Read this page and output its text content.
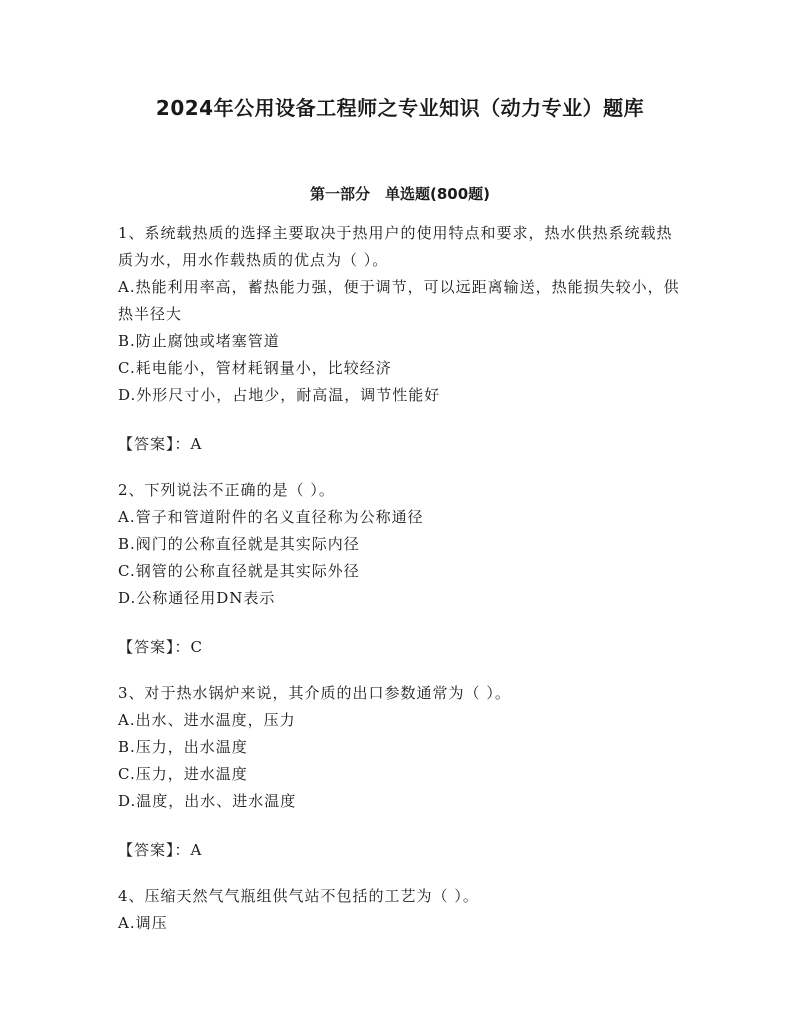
2024年公用设备工程师之专业知识（动力专业）题库
第一部分　单选题(800题)

1、系统载热质的选择主要取决于热用户的使用特点和要求，热水供热系统载热质为水，用水作载热质的优点为（ ）。

A.热能利用率高，蓄热能力强，便于调节，可以远距离输送，热能损失较小，供热半径大

B.防止腐蚀或堵塞管道

C.耗电能小，管材耗钢量小，比较经济

D.外形尺寸小，占地少，耐高温，调节性能好

【答案】：A

2、下列说法不正确的是（ ）。

A.管子和管道附件的名义直径称为公称通径

B.阀门的公称直径就是其实际内径

C.钢管的公称直径就是其实际外径

D.公称通径用DN表示

【答案】：C

3、对于热水锅炉来说，其介质的出口参数通常为（ ）。

A.出水、进水温度，压力

B.压力，出水温度

C.压力，进水温度

D.温度，出水、进水温度

【答案】：A

4、压缩天然气气瓶组供气站不包括的工艺为（ ）。

A.调压
